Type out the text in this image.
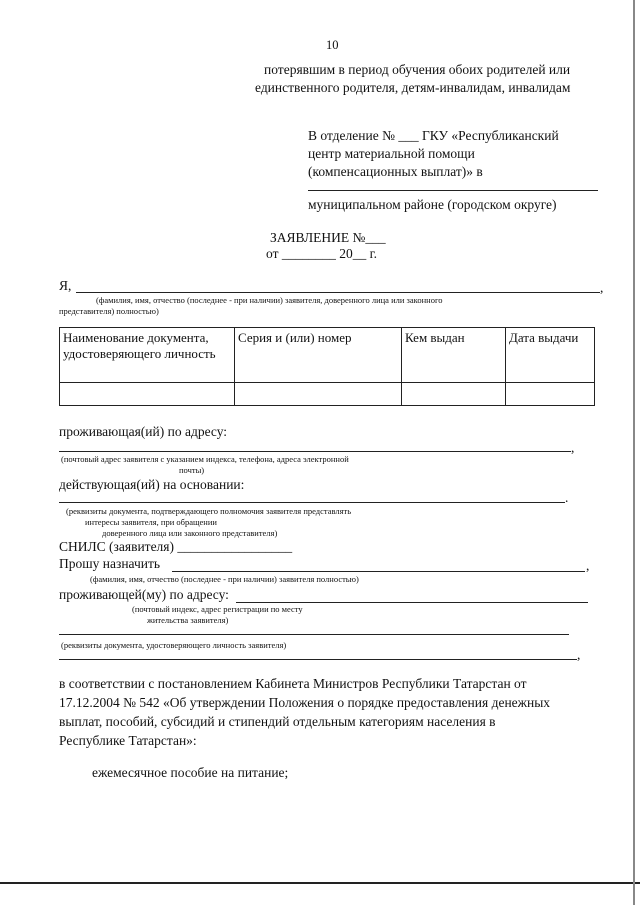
10
потерявшим в период обучения обоих родителей или
единственного родителя, детям-инвалидам, инвалидам
В отделение № ___ ГКУ «Республиканский
центр материальной помощи
(компенсационных выплат)» в
муниципальном районе (городском округе)
ЗАЯВЛЕНИЕ №___
от ________ 20__ г.
Я,	,
(фамилия, имя, отчество (последнее - при наличии) заявителя, доверенного лица или законного
представителя) полностью)
Наименование документа, удостоверяющего личность	Серия и (или) номер	Кем выдан	Дата выдачи

проживающая(ий) по адресу:
,
(почтовый адрес заявителя с указанием индекса, телефона, адреса электронной
почты)
действующая(ий) на основании:
.
(реквизиты документа, подтверждающего полномочия заявителя представлять
интересы заявителя, при обращении
доверенного лица или законного представителя)
СНИЛС (заявителя) _________________
Прошу назначить	,
(фамилия, имя, отчество (последнее - при наличии) заявителя полностью)
проживающей(му) по адресу:
(почтовый индекс, адрес регистрации по месту
жительства заявителя)
(реквизиты документа, удостоверяющего личность заявителя)
,
в соответствии с постановлением Кабинета Министров Республики Татарстан от
17.12.2004 № 542 «Об утверждении Положения о порядке предоставления денежных
выплат, пособий, субсидий и стипендий отдельным категориям населения в
Республике Татарстан»:
ежемесячное пособие на питание;
